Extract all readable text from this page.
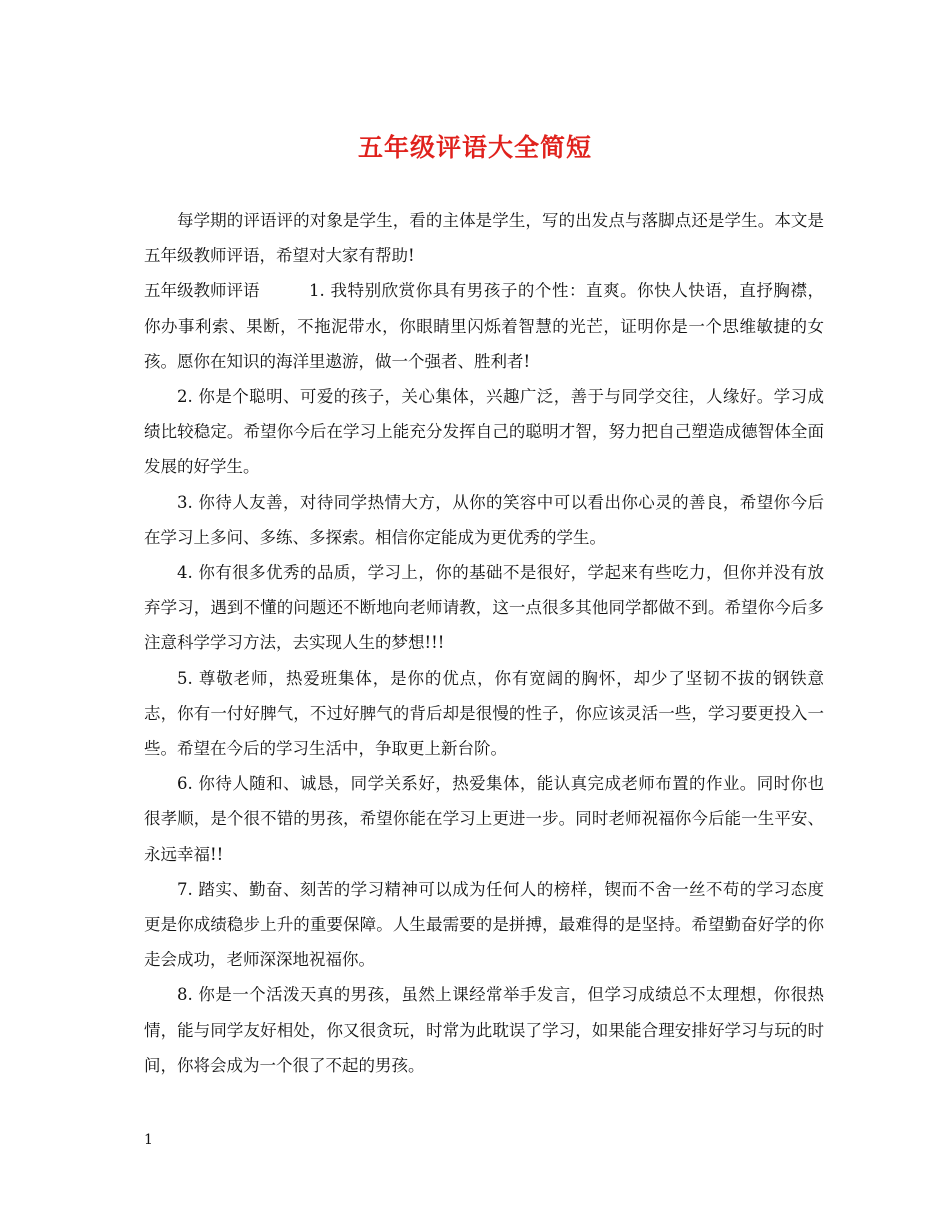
五年级评语大全简短

每学期的评语评的对象是学生，看的主体是学生，写的出发点与落脚点还是学生。本文是五年级教师评语，希望对大家有帮助!

五年级教师评语	1. 我特别欣赏你具有男孩子的个性：直爽。你快人快语，直抒胸襟，你办事利索、果断，不拖泥带水，你眼睛里闪烁着智慧的光芒，证明你是一个思维敏捷的女孩。愿你在知识的海洋里遨游，做一个强者、胜利者!

2. 你是个聪明、可爱的孩子，关心集体，兴趣广泛，善于与同学交往，人缘好。学习成绩比较稳定。希望你今后在学习上能充分发挥自己的聪明才智，努力把自己塑造成德智体全面发展的好学生。

3. 你待人友善，对待同学热情大方，从你的笑容中可以看出你心灵的善良，希望你今后在学习上多问、多练、多探索。相信你定能成为更优秀的学生。

4. 你有很多优秀的品质，学习上，你的基础不是很好，学起来有些吃力，但你并没有放弃学习，遇到不懂的问题还不断地向老师请教，这一点很多其他同学都做不到。希望你今后多注意科学学习方法，去实现人生的梦想!!!

5. 尊敬老师，热爱班集体，是你的优点，你有宽阔的胸怀，却少了坚韧不拔的钢铁意志，你有一付好脾气，不过好脾气的背后却是很慢的性子，你应该灵活一些，学习要更投入一些。希望在今后的学习生活中，争取更上新台阶。

6. 你待人随和、诚恳，同学关系好，热爱集体，能认真完成老师布置的作业。同时你也很孝顺，是个很不错的男孩，希望你能在学习上更进一步。同时老师祝福你今后能一生平安、永远幸福!!

7. 踏实、勤奋、刻苦的学习精神可以成为任何人的榜样，锲而不舍一丝不苟的学习态度更是你成绩稳步上升的重要保障。人生最需要的是拼搏，最难得的是坚持。希望勤奋好学的你走会成功，老师深深地祝福你。

8. 你是一个活泼天真的男孩，虽然上课经常举手发言，但学习成绩总不太理想，你很热情，能与同学友好相处，你又很贪玩，时常为此耽误了学习，如果能合理安排好学习与玩的时间，你将会成为一个很了不起的男孩。

1
